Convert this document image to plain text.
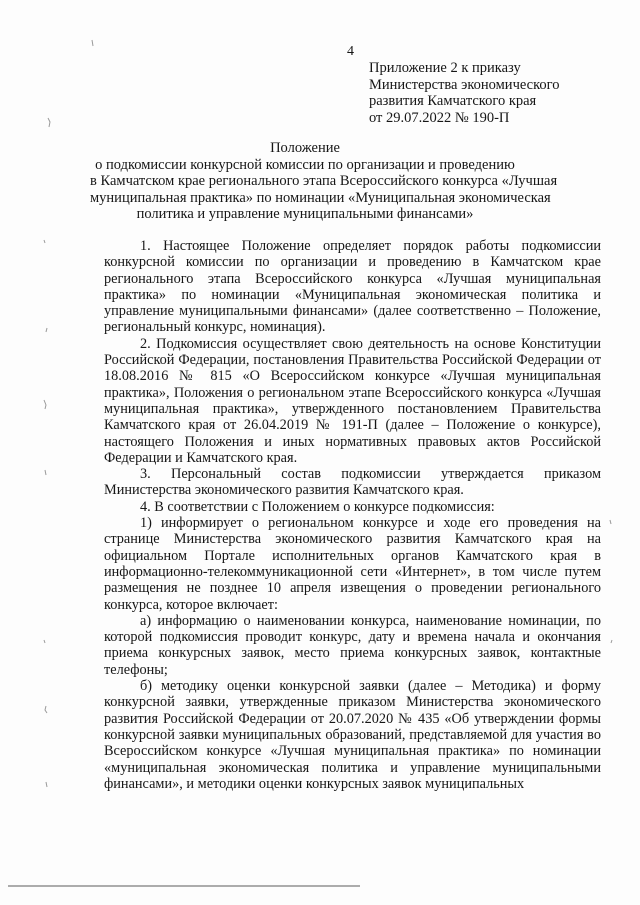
4
Приложение 2 к приказу
Министерства экономического
развития Камчатского края
от 29.07.2022 № 190-П
Положение
о подкомиссии конкурсной комиссии по организации и проведению
в Камчатском крае регионального этапа Всероссийского конкурса «Лучшая
муниципальная практика» по номинации «Муниципальная экономическая
политика и управление муниципальными финансами»

1. Настоящее Положение определяет порядок работы подкомиссии конкурсной комиссии по организации и проведению в Камчатском крае регионального этапа Всероссийского конкурса «Лучшая муниципальная практика» по номинации «Муниципальная экономическая политика и управление муниципальными финансами» (далее соответственно – Положение, региональный конкурс, номинация).

2. Подкомиссия осуществляет свою деятельность на основе Конституции Российской Федерации, постановления Правительства Российской Федерации от 18.08.2016 № 815 «О Всероссийском конкурсе «Лучшая муниципальная практика», Положения о региональном этапе Всероссийского конкурса «Лучшая муниципальная практика», утвержденного постановлением Правительства Камчатского края от 26.04.2019 № 191-П (далее – Положение о конкурсе), настоящего Положения и иных нормативных правовых актов Российской Федерации и Камчатского края.

3. Персональный состав подкомиссии утверждается приказом Министерства экономического развития Камчатского края.

4. В соответствии с Положением о конкурсе подкомиссия:

1) информирует о региональном конкурсе и ходе его проведения на странице Министерства экономического развития Камчатского края на официальном Портале исполнительных органов Камчатского края в информационно-телекоммуникационной сети «Интернет», в том числе путем размещения не позднее 10 апреля извещения о проведении регионального конкурса, которое включает:

а) информацию о наименовании конкурса, наименование номинации, по которой подкомиссия проводит конкурс, дату и времена начала и окончания приема конкурсных заявок, место приема конкурсных заявок, контактные телефоны;

б) методику оценки конкурсной заявки (далее – Методика) и форму конкурсной заявки, утвержденные приказом Министерства экономического развития Российской Федерации от 20.07.2020 № 435 «Об утверждении формы конкурсной заявки муниципальных образований, представляемой для участия во Всероссийском конкурсе «Лучшая муниципальная практика» по номинации «муниципальная экономическая политика и управление муниципальными финансами», и методики оценки конкурсных заявок муниципальных
